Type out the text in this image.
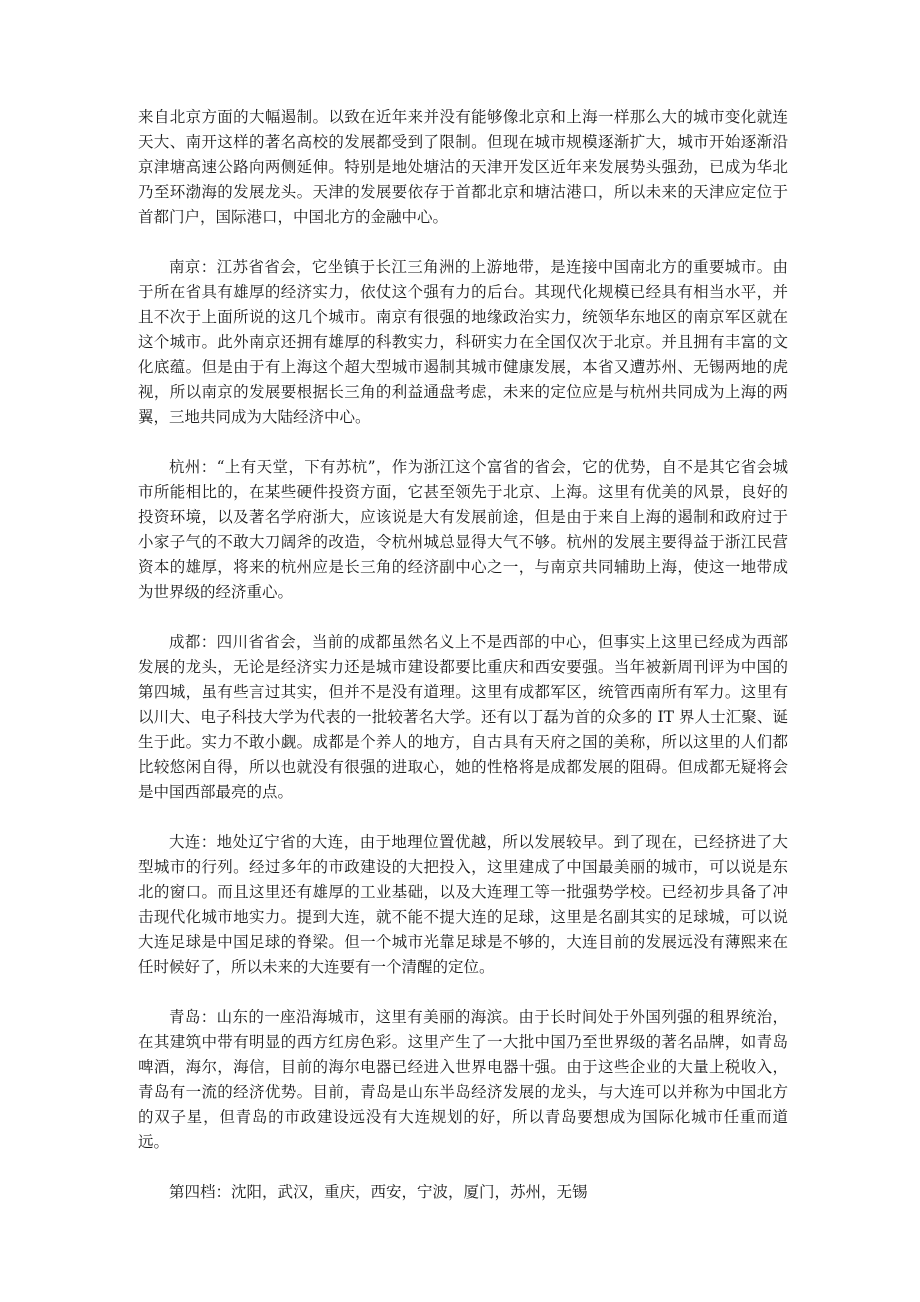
来自北京方面的大幅遏制。以致在近年来并没有能够像北京和上海一样那么大的城市变化就连天大、南开这样的著名高校的发展都受到了限制。但现在城市规模逐渐扩大，城市开始逐渐沿京津塘高速公路向两侧延伸。特别是地处塘沽的天津开发区近年来发展势头强劲，已成为华北乃至环渤海的发展龙头。天津的发展要依存于首都北京和塘沽港口，所以未来的天津应定位于首都门户，国际港口，中国北方的金融中心。

南京：江苏省省会，它坐镇于长江三角洲的上游地带，是连接中国南北方的重要城市。由于所在省具有雄厚的经济实力，依仗这个强有力的后台。其现代化规模已经具有相当水平，并且不次于上面所说的这几个城市。南京有很强的地缘政治实力，统领华东地区的南京军区就在这个城市。此外南京还拥有雄厚的科教实力，科研实力在全国仅次于北京。并且拥有丰富的文化底蕴。但是由于有上海这个超大型城市遏制其城市健康发展，本省又遭苏州、无锡两地的虎视，所以南京的发展要根据长三角的利益通盘考虑，未来的定位应是与杭州共同成为上海的两翼，三地共同成为大陆经济中心。

杭州：“上有天堂，下有苏杭”，作为浙江这个富省的省会，它的优势，自不是其它省会城市所能相比的，在某些硬件投资方面，它甚至领先于北京、上海。这里有优美的风景，良好的投资环境，以及著名学府浙大，应该说是大有发展前途，但是由于来自上海的遏制和政府过于小家子气的不敢大刀阔斧的改造，令杭州城总显得大气不够。杭州的发展主要得益于浙江民营资本的雄厚，将来的杭州应是长三角的经济副中心之一，与南京共同辅助上海，使这一地带成为世界级的经济重心。

成都：四川省省会，当前的成都虽然名义上不是西部的中心，但事实上这里已经成为西部发展的龙头，无论是经济实力还是城市建设都要比重庆和西安要强。当年被新周刊评为中国的第四城，虽有些言过其实，但并不是没有道理。这里有成都军区，统管西南所有军力。这里有以川大、电子科技大学为代表的一批较著名大学。还有以丁磊为首的众多的 IT 界人士汇聚、诞生于此。实力不敢小觑。成都是个养人的地方，自古具有天府之国的美称，所以这里的人们都比较悠闲自得，所以也就没有很强的进取心，她的性格将是成都发展的阻碍。但成都无疑将会是中国西部最亮的点。

大连：地处辽宁省的大连，由于地理位置优越，所以发展较早。到了现在，已经挤进了大型城市的行列。经过多年的市政建设的大把投入，这里建成了中国最美丽的城市，可以说是东北的窗口。而且这里还有雄厚的工业基础，以及大连理工等一批强势学校。已经初步具备了冲击现代化城市地实力。提到大连，就不能不提大连的足球，这里是名副其实的足球城，可以说大连足球是中国足球的脊梁。但一个城市光靠足球是不够的，大连目前的发展远没有薄熙来在任时候好了，所以未来的大连要有一个清醒的定位。

青岛：山东的一座沿海城市，这里有美丽的海滨。由于长时间处于外国列强的租界统治，在其建筑中带有明显的西方红房色彩。这里产生了一大批中国乃至世界级的著名品牌，如青岛啤酒，海尔，海信，目前的海尔电器已经进入世界电器十强。由于这些企业的大量上税收入，青岛有一流的经济优势。目前，青岛是山东半岛经济发展的龙头，与大连可以并称为中国北方的双子星，但青岛的市政建设远没有大连规划的好，所以青岛要想成为国际化城市任重而道远。

第四档：沈阳，武汉，重庆，西安，宁波，厦门，苏州，无锡
